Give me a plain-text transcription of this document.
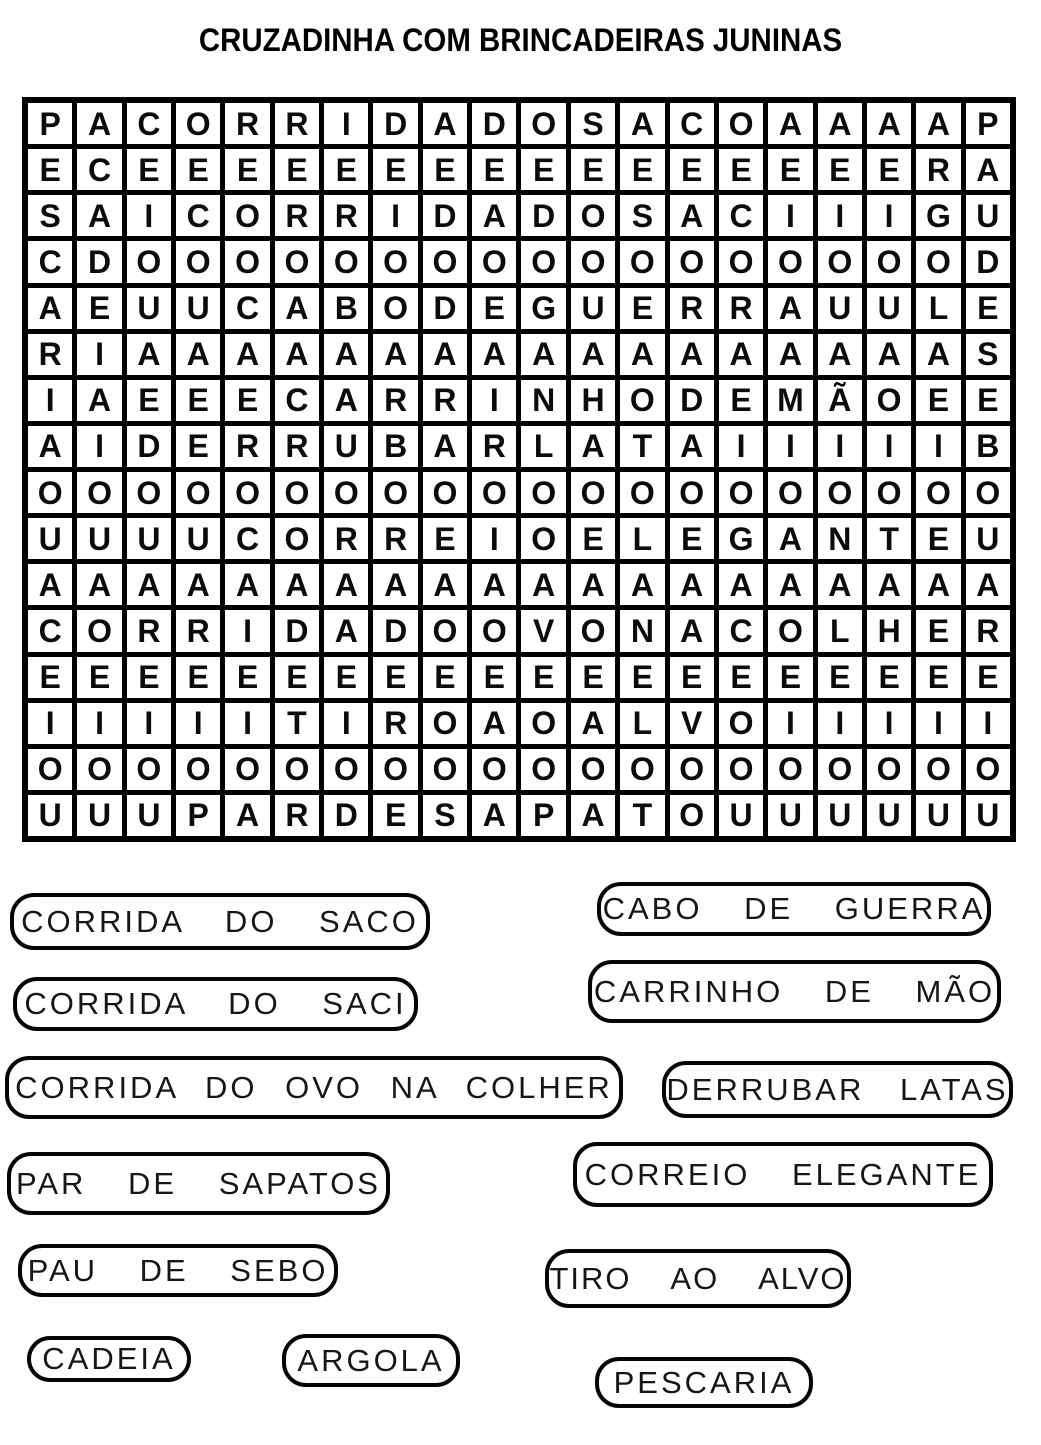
CRUZADINHA COM BRINCADEIRAS JUNINAS
P A C O R R	I	D A D O S A C O A A A A P
E C E E E E E E E E E E E E E E E E R A
S A	I	C O R R	I	D A D O S A C	I	I	I	G U
C D O O O O O O O O O O O O O O O O O D
A E U U C A B O D E G U E R R A U U L E
R	I	A A A A A A A A A A A A A A A A A S
I	A E E E C A R R	I	N H O D E M Ã O E E
A	I	D E R R U B A R L A T A	I	I	I	I	I	B
O O O O O O O O O O O O O O O O O O O O
U U U U C O R R E	I	O E L E G A N T E U
A A A A A A A A A A A A A A A A A A A A
C O R R	I	D A D O O V O N A C O L H E R
E E E E E E E E E E E E E E E E E E E E
I	I	I	I	I	T	I	R O A O A L V O	I	I	I	I	I
O O O O O O O O O O O O O O O O O O O O
U U U P A R D E S A P A T O U U U U U U
CORRIDA DO SACO	CABO DE GUERRA
CORRIDA DO SACI	CARRINHO DE MÃO
CORRIDA DO OVO NA COLHER	DERRUBAR LATAS
PAR DE SAPATOS	CORREIO ELEGANTE
PAU DE SEBO	TIRO AO ALVO
CADEIA	ARGOLA
PESCARIA
